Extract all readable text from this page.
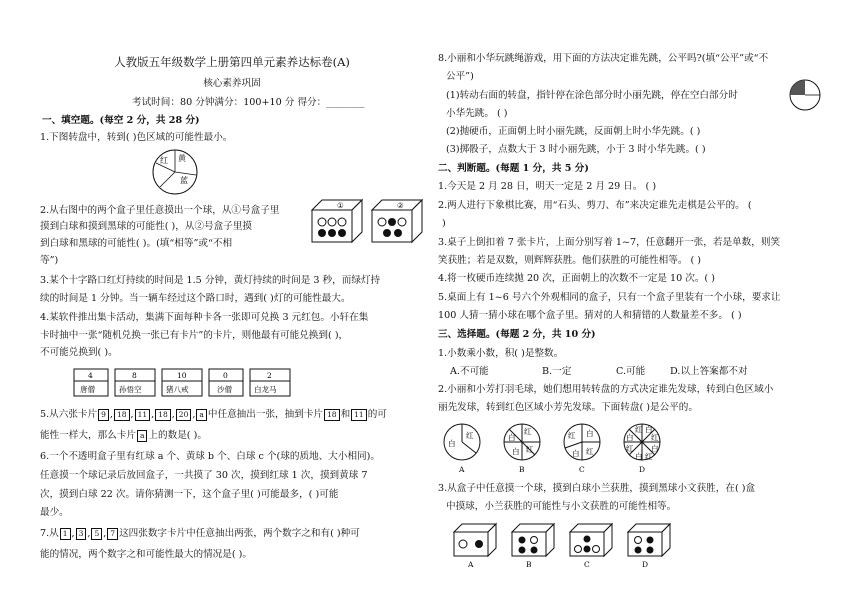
人教版五年级数学上册第四单元素养达标卷(A)
核心素养巩固
考试时间：80 分钟满分：100+10 分 得分：________
一、填空题。(每空 2 分，共 28 分)
1.下图转盘中，转到( )色区域的可能性最小。
红 黄
蓝
2.从右图中的两个盒子里任意摸出一个球，从①号盒子里
摸到白球和摸到黑球的可能性( )，从②号盒子里摸
到白球和黑球的可能性( )。(填“相等”或“不相
等”)
①	②
3.某个十字路口红灯持续的时间是 1.5 分钟，黄灯持续的时间是 3 秒，而绿灯持
续的时间是 1 分钟。当一辆车经过这个路口时，遇到( )灯的可能性最大。
4.某软件推出集卡活动，集满下面每种卡各一张即可兑换 3 元红包。小轩在集
卡时抽中一张“随机兑换一张已有卡片”的卡片，则他最有可能兑换到( )，
不可能兑换到( )。
4
唐僧
8
孙悟空
10
猪八戒
0
沙僧
2
白龙马
5.从六张卡片 9 , 18 , 11 , 18 , 20 , a 中任意抽出一张，抽到卡片 18 和 11 的可
能性一样大，那么卡片 a 上的数是( )。
6.一个不透明盒子里有红球 a 个、黄球 b 个、白球 c 个(球的质地、大小相同)。
任意摸一个球记录后放回盒子，一共摸了 30 次，摸到红球 1 次，摸到黄球 7
次，摸到白球 22 次。请你猜测一下，这个盒子里( )可能最多，( )可能
最少。
7.从 1 , 3 , 5 , 7 这四张数字卡片中任意抽出两张，两个数字之和有( )种可
能的情况，两个数字之和可能性最大的情况是( )。
8.小丽和小华玩跳绳游戏，用下面的方法决定谁先跳，公平吗?(填“公平”或“不
公平”)
(1)转动右面的转盘，指针停在涂色部分时小丽先跳，停在空白部分时
小华先跳。 ( )
(2)抛硬币，正面朝上时小丽先跳，反面朝上时小华先跳。( )
(3)掷骰子，点数大于 3 时小丽先跳，小于 3 时小华先跳。( )
二、判断题。(每题 1 分，共 5 分)
1.今天是 2 月 28 日，明天一定是 2 月 29 日。 ( )
2.两人进行下象棋比赛，用“石头、剪刀、布”来决定谁先走棋是公平的。 (
)
3.桌子上倒扣着 7 张卡片，上面分别写着 1~7，任意翻开一张，若是单数，则笑
笑获胜；若是双数，则辉辉获胜。他们获胜的可能性相等。 ( )
4.将一枚硬币连续抛 20 次，正面朝上的次数不一定是 10 次。( )
5.桌面上有 1~6 号六个外观相同的盒子，只有一个盒子里装有一个小球，要求让
100 人猜一猜小球在哪个盒子里。猜对的人和猜错的人数量差不多。 ( )
三、选择题。(每题 2 分，共 10 分)
1.小数乘小数，积( )是整数。
A.不可能	B.一定	C.可能	D.以上答案都不对
2.小丽和小芳打羽毛球，她们想用转转盘的方式决定谁先发球，转到白色区域小
丽先发球，转到红色区域小芳先发球。下面转盘( )是公平的。
红
白
A
红
白
红
白
B
红 白
红
白
C
红 白
白 红
红 白
白 红
D
3.从盒子中任意摸一个球，摸到白球小兰获胜，摸到黑球小文获胜，在( )盒
中摸球，小兰获胜的可能性与小文获胜的可能性相等。
A	B	C	D
